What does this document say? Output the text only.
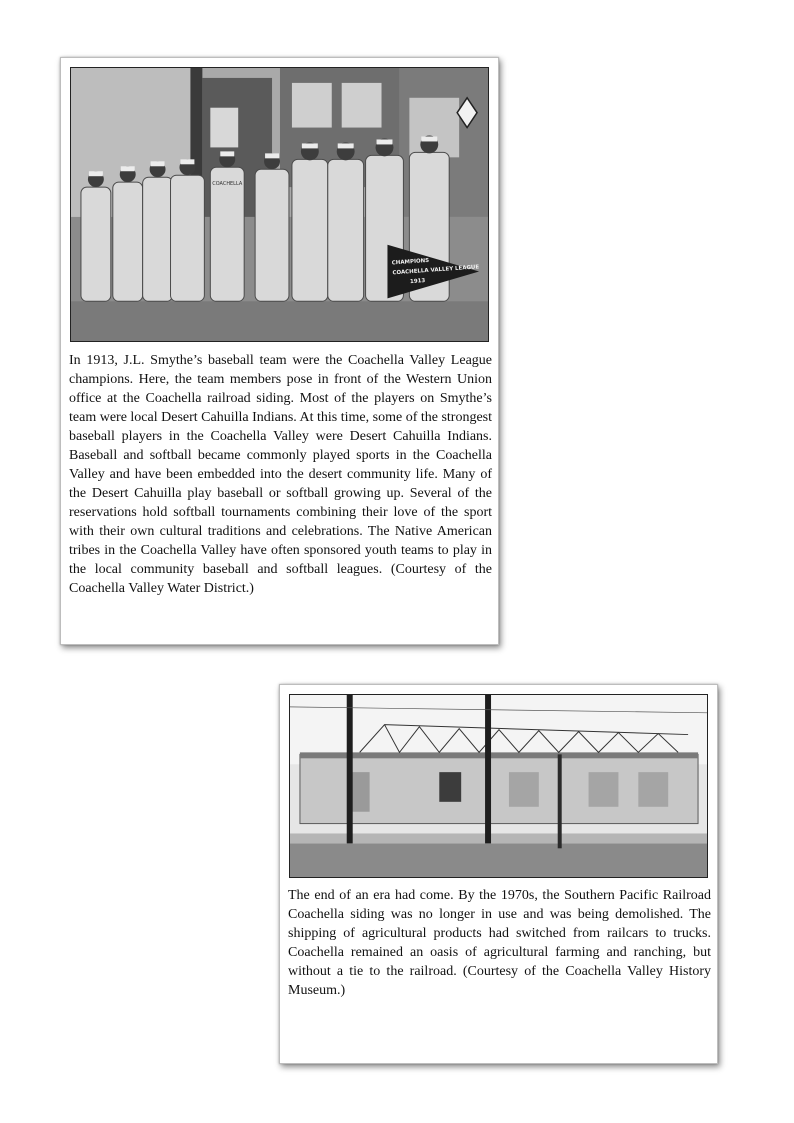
COACHELLA
CHAMPIONS
COACHELLA VALLEY LEAGUE
1913

In 1913, J.L. Smythe’s baseball team were the Coachella Valley League champions. Here, the team members pose in front of the Western Union office at the Coachella railroad siding. Most of the players on Smythe’s team were local Desert Cahuilla Indians. At this time, some of the strongest baseball players in the Coachella Valley were Desert Cahuilla Indians. Baseball and softball became commonly played sports in the Coachella Valley and have been embedded into the desert community life. Many of the Desert Cahuilla play baseball or softball growing up. Several of the reservations hold softball tournaments combining their love of the sport with their own cultural traditions and celebrations. The Native American tribes in the Coachella Valley have often sponsored youth teams to play in the local community baseball and softball leagues. (Courtesy of the Coachella Valley Water District.)

The end of an era had come. By the 1970s, the Southern Pacific Railroad Coachella siding was no longer in use and was being demolished. The shipping of agricultural products had switched from railcars to trucks. Coachella remained an oasis of agricultural farming and ranching, but without a tie to the railroad. (Courtesy of the Coachella Valley History Museum.)
